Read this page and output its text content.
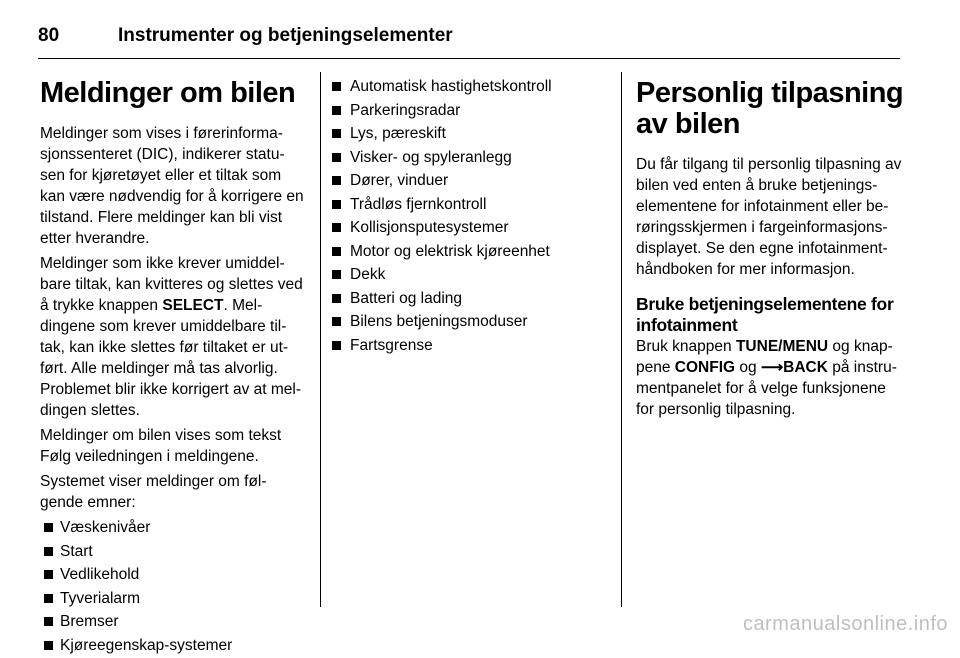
80	Instrumenter og betjeningselementer
Meldinger om bilen

Meldinger som vises i førerinforma-sjonssenteret (DIC), indikerer statu-sen for kjøretøyet eller et tiltak som kan være nødvendig for å korrigere en tilstand. Flere meldinger kan bli vist etter hverandre.

Meldinger som ikke krever umiddel-bare tiltak, kan kvitteres og slettes ved å trykke knappen SELECT. Mel-dingene som krever umiddelbare til-tak, kan ikke slettes før tiltaket er ut-ført. Alle meldinger må tas alvorlig. Problemet blir ikke korrigert av at mel-dingen slettes.

Meldinger om bilen vises som tekst Følg veiledningen i meldingene.

Systemet viser meldinger om føl-gende emner:

Væskenivåer
Start
Vedlikehold
Tyverialarm
Bremser
Kjøreegenskap-systemer
Automatisk hastighetskontroll
Parkeringsradar
Lys, pæreskift
Visker- og spyleranlegg
Dører, vinduer
Trådløs fjernkontroll
Kollisjonsputesystemer
Motor og elektrisk kjøreenhet
Dekk
Batteri og lading
Bilens betjeningsmoduser
Fartsgrense
Personlig tilpasning av bilen

Du får tilgang til personlig tilpasning av bilen ved enten å bruke betjenings-elementene for infotainment eller be-røringsskjermen i fargeinformasjons-displayet. Se den egne infotainment-håndboken for mer informasjon.

Bruke betjeningselementene for infotainment

Bruk knappen TUNE/MENU og knap-pene CONFIG og ⟶BACK på instru-mentpanelet for å velge funksjonene for personlig tilpasning.

carmanualsonline.info
